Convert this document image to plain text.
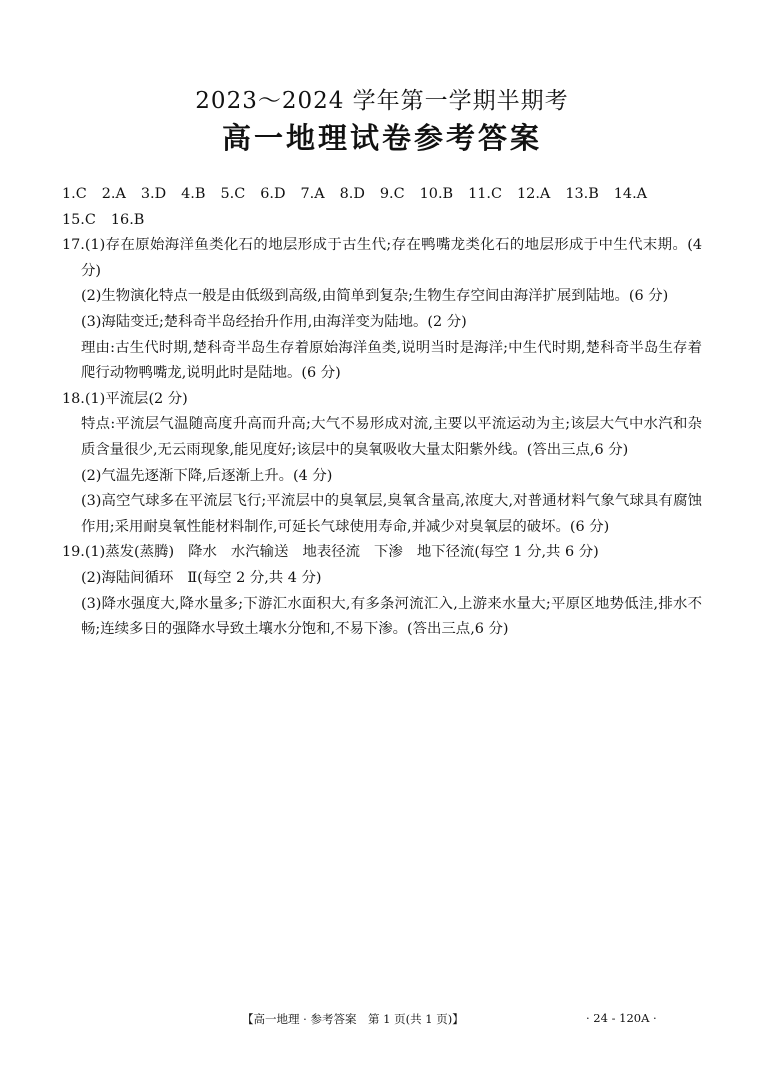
2023～2024 学年第一学期半期考
高一地理试卷参考答案
1.C 2.A 3.D 4.B 5.C 6.D 7.A 8.D 9.C 10.B 11.C 12.A 13.B 14.A
15.C 16.B
17.(1)存在原始海洋鱼类化石的地层形成于古生代;存在鸭嘴龙类化石的地层形成于中生代末期。(4 分)
(2)生物演化特点一般是由低级到高级,由简单到复杂;生物生存空间由海洋扩展到陆地。(6 分)
(3)海陆变迁;楚科奇半岛经抬升作用,由海洋变为陆地。(2 分)
理由:古生代时期,楚科奇半岛生存着原始海洋鱼类,说明当时是海洋;中生代时期,楚科奇半岛生存着爬行动物鸭嘴龙,说明此时是陆地。(6 分)
18.(1)平流层(2 分)
特点:平流层气温随高度升高而升高;大气不易形成对流,主要以平流运动为主;该层大气中水汽和杂质含量很少,无云雨现象,能见度好;该层中的臭氧吸收大量太阳紫外线。(答出三点,6 分)
(2)气温先逐渐下降,后逐渐上升。(4 分)
(3)高空气球多在平流层飞行;平流层中的臭氧层,臭氧含量高,浓度大,对普通材料气象气球具有腐蚀作用;采用耐臭氧性能材料制作,可延长气球使用寿命,并减少对臭氧层的破坏。(6 分)
19.(1)蒸发(蒸腾) 降水 水汽输送 地表径流 下渗 地下径流(每空 1 分,共 6 分)
(2)海陆间循环 Ⅱ(每空 2 分,共 4 分)
(3)降水强度大,降水量多;下游汇水面积大,有多条河流汇入,上游来水量大;平原区地势低洼,排水不畅;连续多日的强降水导致土壤水分饱和,不易下渗。(答出三点,6 分)
【高一地理 · 参考答案　第 1 页(共 1 页)】	· 24 - 120A ·
